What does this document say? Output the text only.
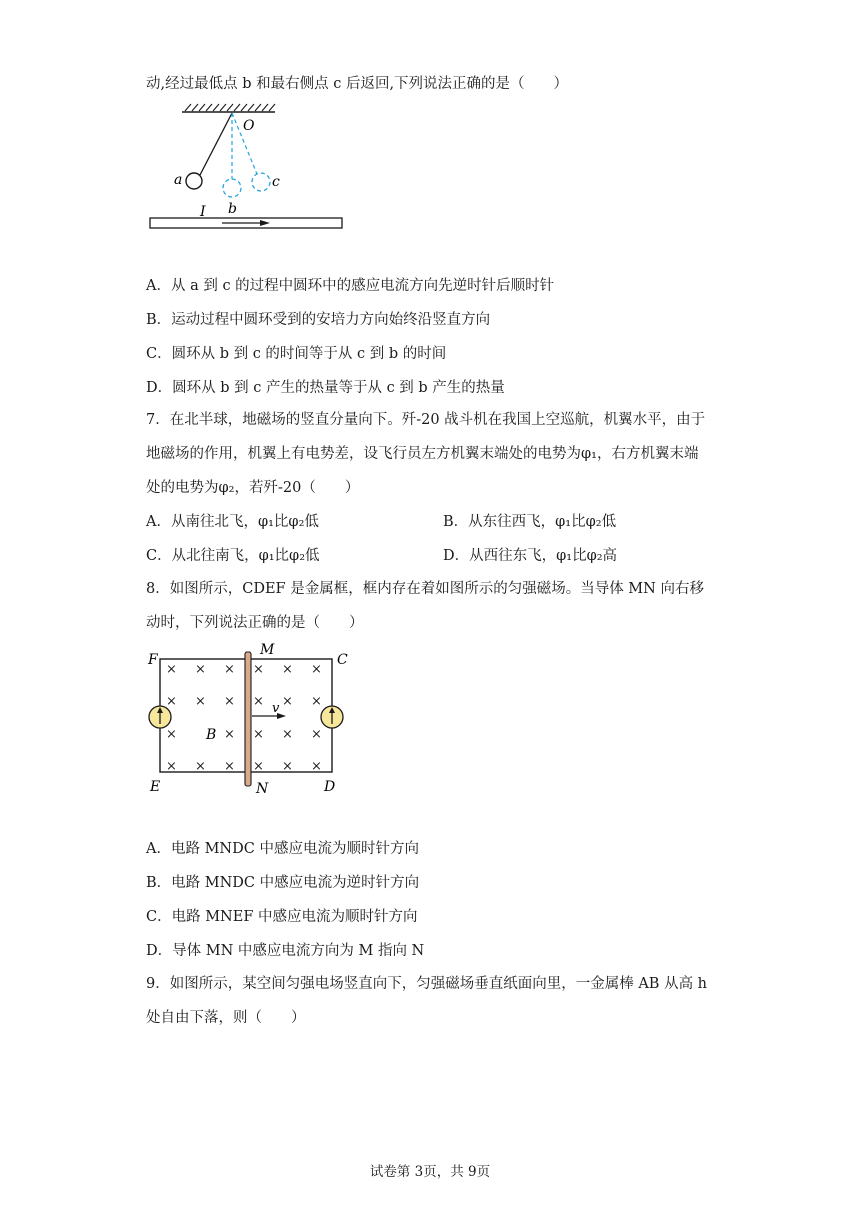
动,经过最低点 b 和最右侧点 c 后返回,下列说法正确的是（　　）
O
a
b
c
I
A．从 a 到 c 的过程中圆环中的感应电流方向先逆时针后顺时针
B．运动过程中圆环受到的安培力方向始终沿竖直方向
C．圆环从 b 到 c 的时间等于从 c 到 b 的时间
D．圆环从 b 到 c 产生的热量等于从 c 到 b 产生的热量
7．在北半球，地磁场的竖直分量向下。歼-20 战斗机在我国上空巡航，机翼水平，由于
地磁场的作用，机翼上有电势差，设飞行员左方机翼末端处的电势为φ₁，右方机翼末端
处的电势为φ₂，若歼-20（　　）
A．从南往北飞，φ₁比φ₂低	B．从东往西飞，φ₁比φ₂低
C．从北往南飞，φ₁比φ₂低	D．从西往东飞，φ₁比φ₂高
8．如图所示，CDEF 是金属框，框内存在着如图所示的匀强磁场。当导体 MN 向右移
动时，下列说法正确的是（　　）
× × × × × ×
× × × × × ×
×	× × × ×
× × × × × ×
B
v
F
M
C
E	N	D
A．电路 MNDC 中感应电流为顺时针方向
B．电路 MNDC 中感应电流为逆时针方向
C．电路 MNEF 中感应电流为顺时针方向
D．导体 MN 中感应电流方向为 M 指向 N
9．如图所示，某空间匀强电场竖直向下，匀强磁场垂直纸面向里，一金属棒 AB 从高 h
处自由下落，则（　　）
试卷第 3页，共 9页
